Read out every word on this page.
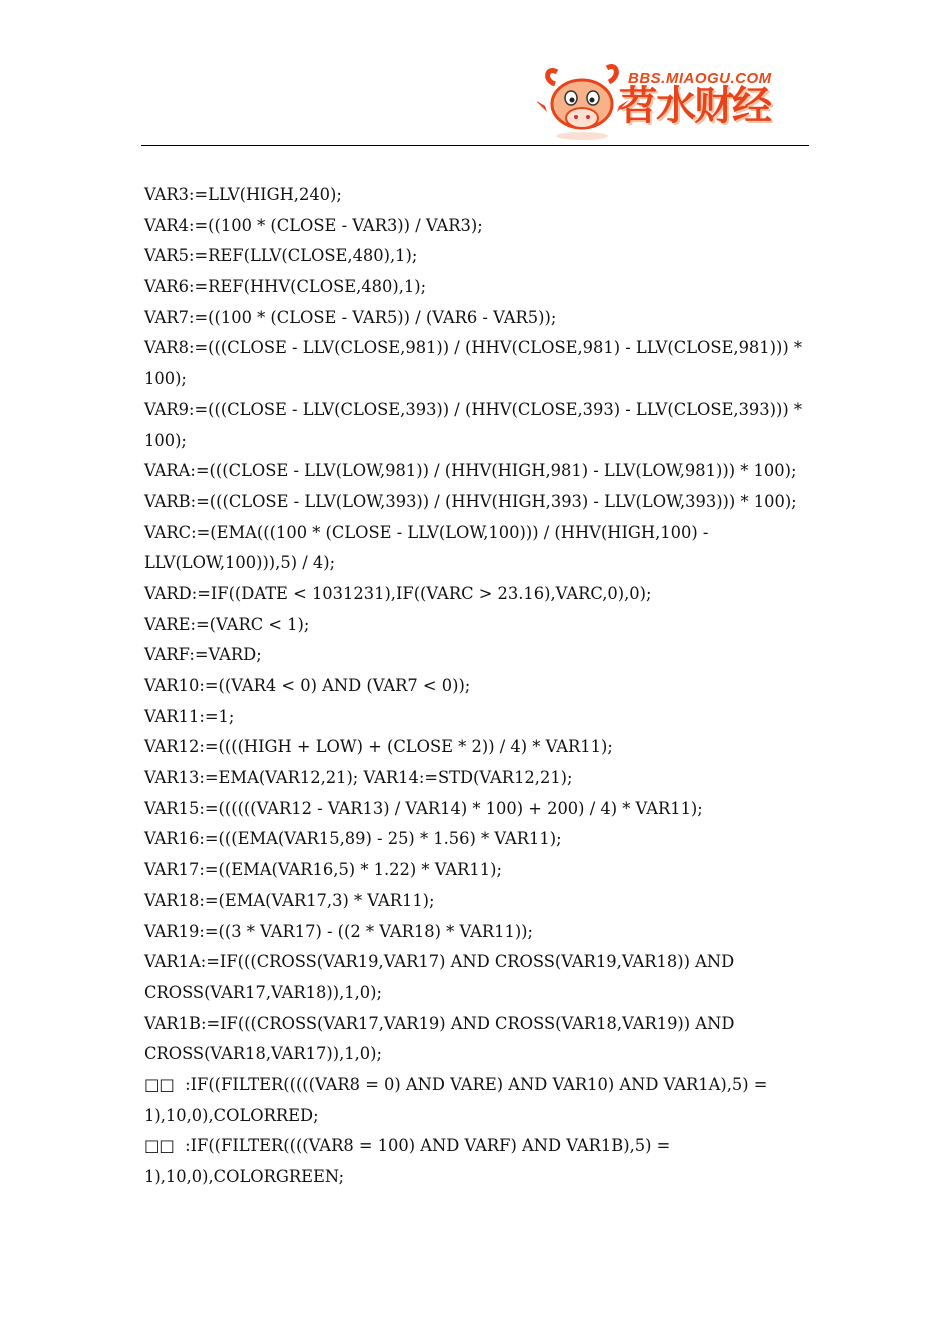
BBS.MIAOGU.COM
苕水财经
VAR3:=LLV(HIGH,240);
VAR4:=((100 * (CLOSE - VAR3)) / VAR3);
VAR5:=REF(LLV(CLOSE,480),1);
VAR6:=REF(HHV(CLOSE,480),1);
VAR7:=((100 * (CLOSE - VAR5)) / (VAR6 - VAR5));
VAR8:=(((CLOSE - LLV(CLOSE,981)) / (HHV(CLOSE,981) - LLV(CLOSE,981))) *
100);
VAR9:=(((CLOSE - LLV(CLOSE,393)) / (HHV(CLOSE,393) - LLV(CLOSE,393))) *
100);
VARA:=(((CLOSE - LLV(LOW,981)) / (HHV(HIGH,981) - LLV(LOW,981))) * 100);
VARB:=(((CLOSE - LLV(LOW,393)) / (HHV(HIGH,393) - LLV(LOW,393))) * 100);
VARC:=(EMA(((100 * (CLOSE - LLV(LOW,100))) / (HHV(HIGH,100) -
LLV(LOW,100))),5) / 4);
VARD:=IF((DATE < 1031231),IF((VARC > 23.16),VARC,0),0);
VARE:=(VARC < 1);
VARF:=VARD;
VAR10:=((VAR4 < 0) AND (VAR7 < 0));
VAR11:=1;
VAR12:=((((HIGH + LOW) + (CLOSE * 2)) / 4) * VAR11);
VAR13:=EMA(VAR12,21); VAR14:=STD(VAR12,21);
VAR15:=((((((VAR12 - VAR13) / VAR14) * 100) + 200) / 4) * VAR11);
VAR16:=(((EMA(VAR15,89) - 25) * 1.56) * VAR11);
VAR17:=((EMA(VAR16,5) * 1.22) * VAR11);
VAR18:=(EMA(VAR17,3) * VAR11);
VAR19:=((3 * VAR17) - ((2 * VAR18) * VAR11));
VAR1A:=IF(((CROSS(VAR19,VAR17) AND CROSS(VAR19,VAR18)) AND
CROSS(VAR17,VAR18)),1,0);
VAR1B:=IF(((CROSS(VAR17,VAR19) AND CROSS(VAR18,VAR19)) AND
CROSS(VAR18,VAR17)),1,0);
□□  :IF((FILTER(((((VAR8 = 0) AND VARE) AND VAR10) AND VAR1A),5) =
1),10,0),COLORRED;
□□  :IF((FILTER((((VAR8 = 100) AND VARF) AND VAR1B),5) =
1),10,0),COLORGREEN;
